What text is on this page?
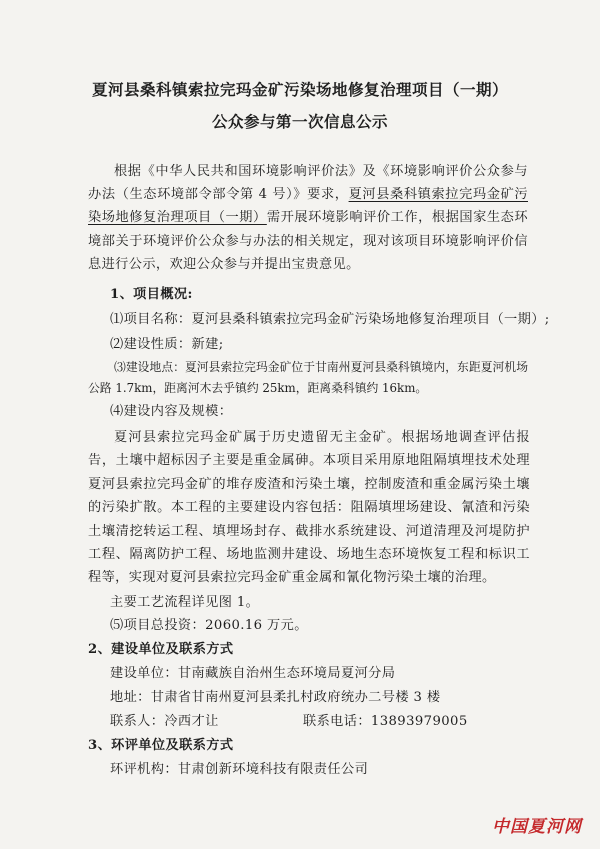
夏河县桑科镇索拉完玛金矿污染场地修复治理项目（一期）
公众参与第一次信息公示

根据《中华人民共和国环境影响评价法》及《环境影响评价公众参与办法（生态环境部令部令第 4 号）》要求，夏河县桑科镇索拉完玛金矿污染场地修复治理项目（一期）需开展环境影响评价工作，根据国家生态环境部关于环境评价公众参与办法的相关规定，现对该项目环境影响评价信息进行公示，欢迎公众参与并提出宝贵意见。

1、项目概况:
⑴项目名称：夏河县桑科镇索拉完玛金矿污染场地修复治理项目（一期）;
⑵建设性质：新建;

⑶建设地点：夏河县索拉完玛金矿位于甘南州夏河县桑科镇境内，东距夏河机场公路 1.7km，距离河木去乎镇约 25km，距离桑科镇约 16km。

⑷建设内容及规模：

夏河县索拉完玛金矿属于历史遗留无主金矿。根据场地调查评估报告，土壤中超标因子主要是重金属砷。本项目采用原地阻隔填埋技术处理夏河县索拉完玛金矿的堆存废渣和污染土壤，控制废渣和重金属污染土壤的污染扩散。本工程的主要建设内容包括：阻隔填埋场建设、氰渣和污染土壤清挖转运工程、填埋场封存、截排水系统建设、河道清理及河堤防护工程、隔离防护工程、场地监测井建设、场地生态环境恢复工程和标识工程等，实现对夏河县索拉完玛金矿重金属和氰化物污染土壤的治理。

主要工艺流程详见图 1。
⑸项目总投资：2060.16 万元。
2、建设单位及联系方式
建设单位：甘南藏族自治州生态环境局夏河分局
地址：甘肃省甘南州夏河县柔扎村政府统办二号楼 3 楼
联系人：冷西才让	联系电话：13893979005
3、环评单位及联系方式
环评机构：甘肃创新环境科技有限责任公司
中国夏河网
